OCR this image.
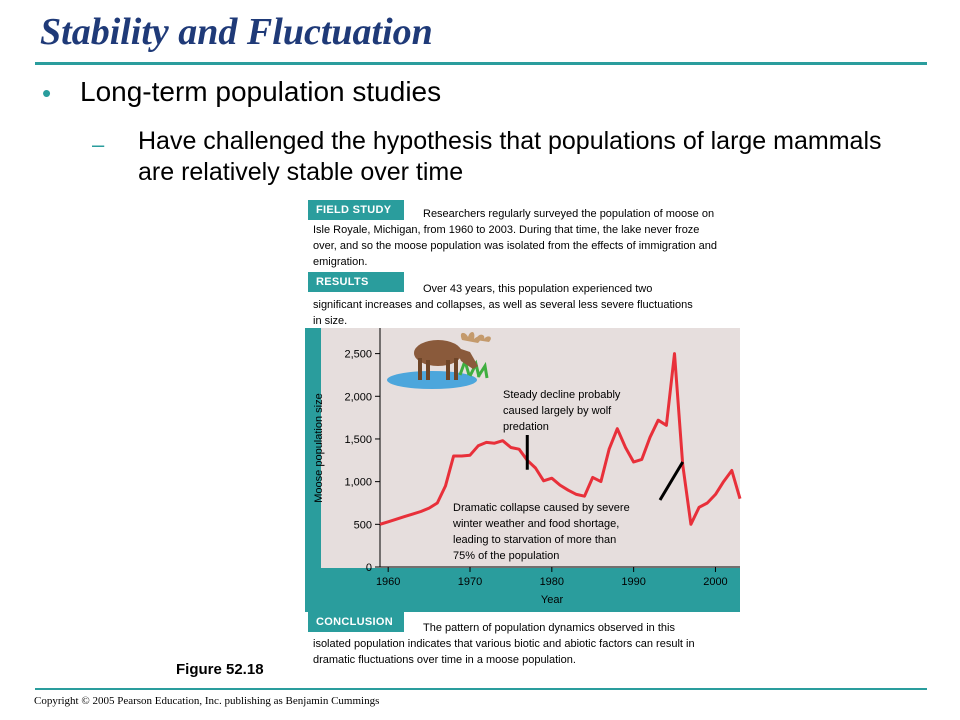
Stability and Fluctuation
• Long-term population studies
– Have challenged the hypothesis that populations of large mammals are relatively stable over time
FIELD STUDY	Researchers regularly surveyed the population of moose on Isle Royale, Michigan, from 1960 to 2003. During that time, the lake never froze over, and so the moose population was isolated from the effects of immigration and emigration.
RESULTS
Over 43 years, this population experienced two significant increases and collapses, as well as several less severe fluctuations in size.
0
500
1,000
1,500
2,000
2,500
1960	1970	1980	1990	2000
Moose population size
Year
Steady decline probably caused largely by wolf predation
Dramatic collapse caused by severe winter weather and food shortage, leading to starvation of more than 75% of the population
CONCLUSION	The pattern of population dynamics observed in this isolated population indicates that various biotic and abiotic factors can result in dramatic fluctuations over time in a moose population.
Figure 52.18
Copyright © 2005 Pearson Education, Inc. publishing as Benjamin Cummings
